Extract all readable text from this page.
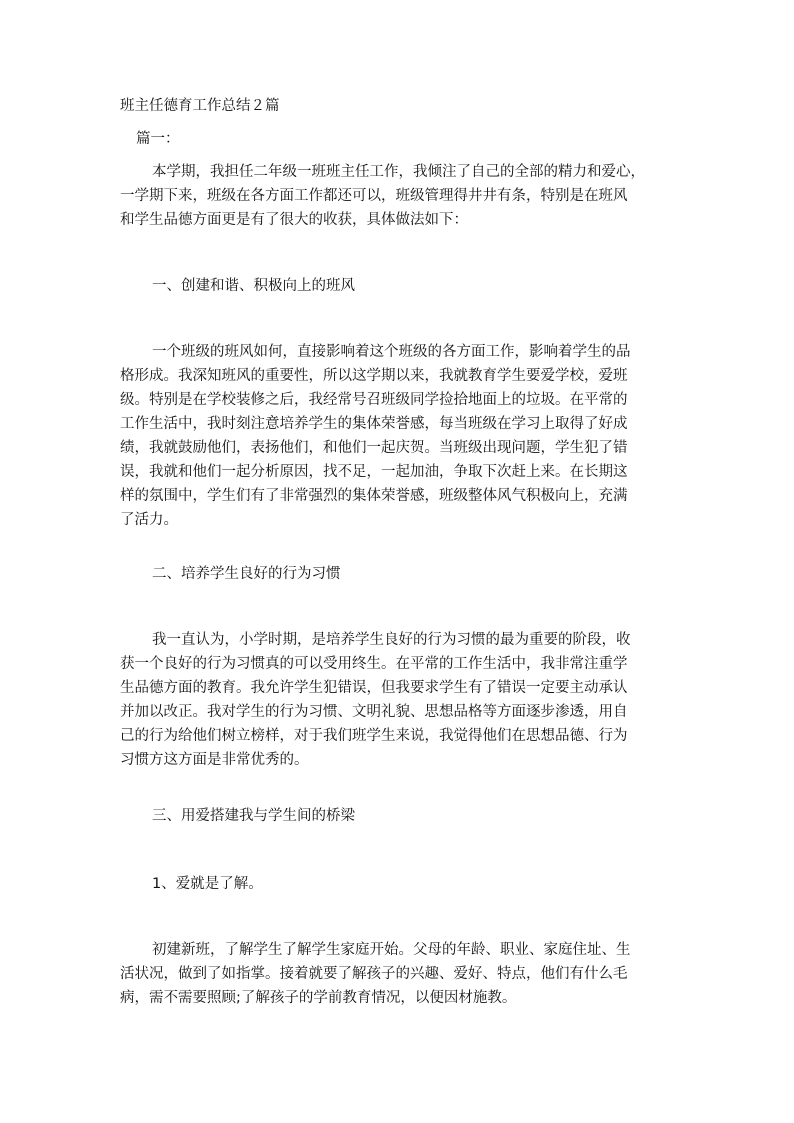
班主任德育工作总结２篇
篇一：
本学期，我担任二年级一班班主任工作，我倾注了自己的全部的精力和爱心，
一学期下来，班级在各方面工作都还可以，班级管理得井井有条，特别是在班风
和学生品德方面更是有了很大的收获，具体做法如下：
一、创建和谐、积极向上的班风
一个班级的班风如何，直接影响着这个班级的各方面工作，影响着学生的品
格形成。我深知班风的重要性，所以这学期以来，我就教育学生要爱学校，爱班
级。特别是在学校装修之后，我经常号召班级同学捡拾地面上的垃圾。在平常的
工作生活中，我时刻注意培养学生的集体荣誉感，每当班级在学习上取得了好成
绩，我就鼓励他们，表扬他们，和他们一起庆贺。当班级出现问题，学生犯了错
误，我就和他们一起分析原因，找不足，一起加油，争取下次赶上来。在长期这
样的氛围中，学生们有了非常强烈的集体荣誉感，班级整体风气积极向上，充满
了活力。
二、培养学生良好的行为习惯
我一直认为，小学时期，是培养学生良好的行为习惯的最为重要的阶段，收
获一个良好的行为习惯真的可以受用终生。在平常的工作生活中，我非常注重学
生品德方面的教育。我允许学生犯错误，但我要求学生有了错误一定要主动承认
并加以改正。我对学生的行为习惯、文明礼貌、思想品格等方面逐步渗透，用自
己的行为给他们树立榜样，对于我们班学生来说，我觉得他们在思想品德、行为
习惯方这方面是非常优秀的。
三、用爱搭建我与学生间的桥梁
1、爱就是了解。
初建新班，了解学生了解学生家庭开始。父母的年龄、职业、家庭住址、生
活状况，做到了如指掌。接着就要了解孩子的兴趣、爱好、特点，他们有什么毛
病，需不需要照顾;了解孩子的学前教育情况，以便因材施教。
